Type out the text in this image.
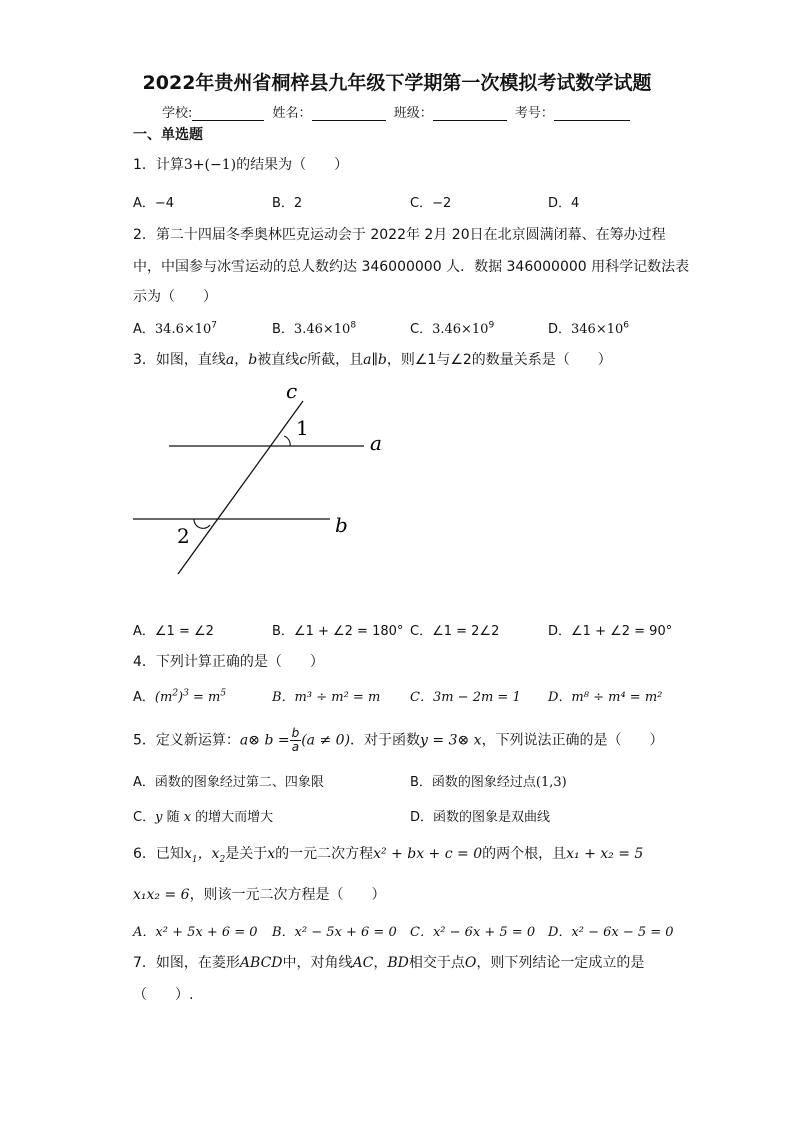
2022年贵州省桐梓县九年级下学期第一次模拟考试数学试题
学校:	姓名：	班级：	考号：
一、单选题
1．计算3+(−1)的结果为（　　）
A．−4	B．2	C．−2	D．4
2．第二十四届冬季奥林匹克运动会于 2022年 2月 20日在北京圆满闭幕、在筹办过程
中，中国参与冰雪运动的总人数约达 346000000 人．数据 346000000 用科学记数法表
示为（　　）
A．$34.6\times 10^7$	B．$3.46\times 10^8$	C．$3.46\times 10^9$	D．$346\times 10^6$
3．如图，直线a，b被直线c所截，且a∥b，则∠1与∠2的数量关系是（　　）
c
1
a
2	b
A．∠1 = ∠2	B．∠1 + ∠2 = 180° C．∠1 = 2∠2	D．∠1 + ∠2 = 90°
4．下列计算正确的是（　　）
A．$(m^2)^3 = m^5$	B．m³ ÷ m² = m C．3m − 2m = 1 D．m⁸ ÷ m⁴ = m²
5．定义新运算：a⊗ $b = \frac{b}{a} (a \ne 0)$．对于函数y = 3⊗ x，下列说法正确的是（　　）
A．函数的图象经过第二、四象限	B．函数的图象经过点(1,3)
C．y 随 x 的增大而增大	D．函数的图象是双曲线
6．已知$x_1$，$x_2$是关于x的一元二次方程x² + bx + c = 0的两个根，且x₁ + x₂ = 5
x₁x₂ = 6，则该一元二次方程是（　　）
A．x² + 5x + 6 = 0 B．x² − 5x + 6 = 0 C．x² − 6x + 5 = 0 D．x² − 6x − 5 = 0
7．如图，在菱形ABCD中，对角线AC，BD相交于点O，则下列结论一定成立的是
（　　）.
